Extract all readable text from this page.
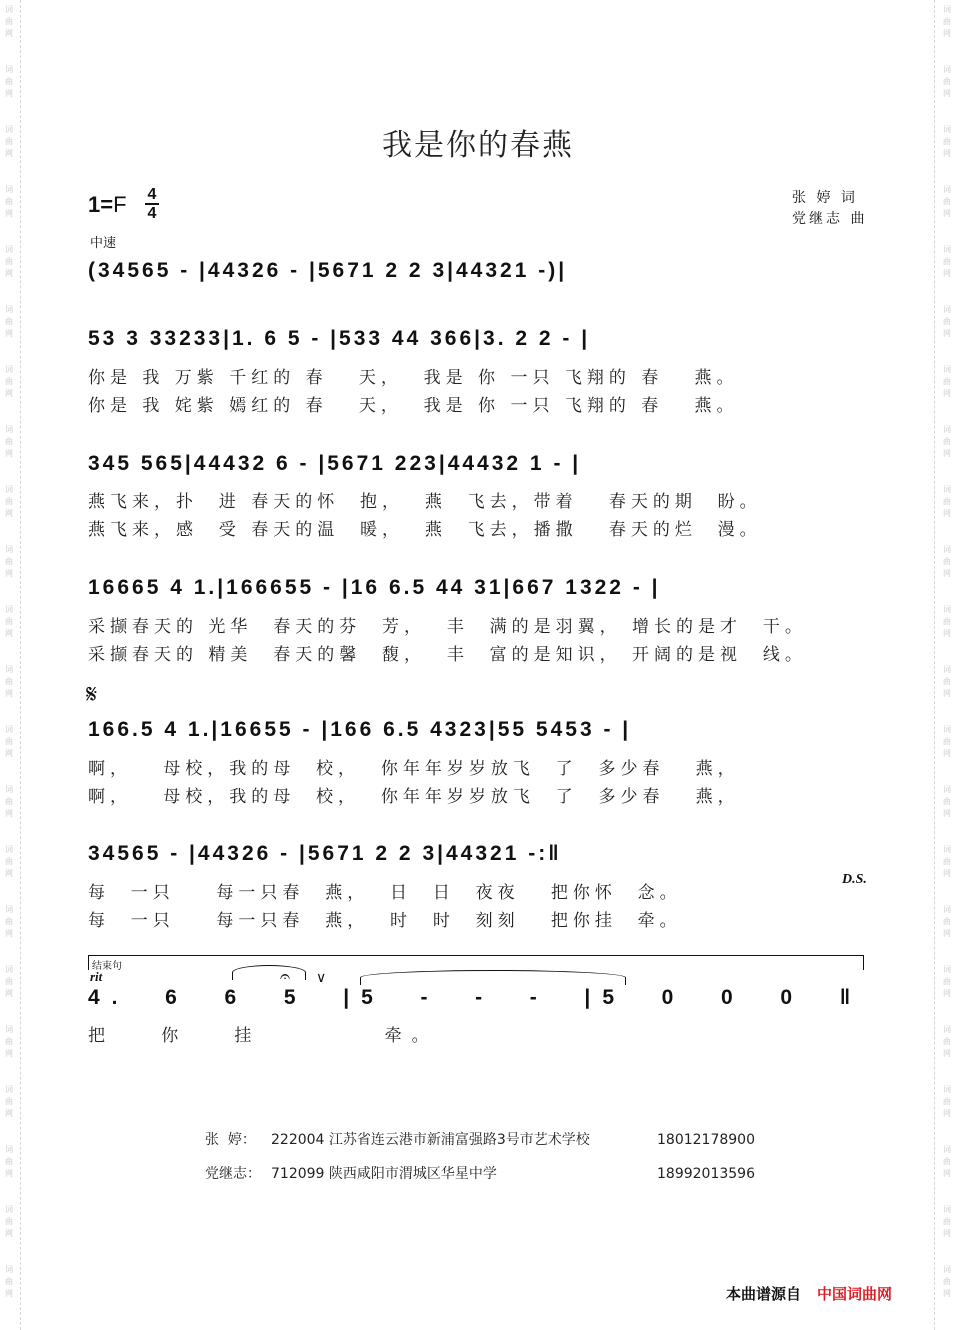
词
曲
网
词
曲
网
词
曲
网
词
曲
网
词
曲
网
词
曲
网
词
曲
网
词
曲
网
词
曲
网
词
曲
网
词
曲
网
词
曲
网
词
曲
网
词
曲
网
词
曲
网
词
曲
网
词
曲
网
词
曲
网
词
曲
网
词
曲
网
词
曲
网
词
曲
网
词
曲
网
词
曲
网
词
曲
网
词
曲
网
词
曲
网
词
曲
网
词
曲
网
词
曲
网
词
曲
网
词
曲
网
词
曲
网
词
曲
网
词
曲
网
词
曲
网
词
曲
网
词
曲
网
词
曲
网
词
曲
网
词
曲
网
词
曲
网
词
曲
网
词
曲
网
我是你的春燕
1=F	4
4
中速
张 婷 词
党继志 曲
(34565 - |44326 - |5671 2 2 3|44321 -)|
53 3 33233|1. 6 5 - |533 44 366|3. 2 2 - |
你是 我 万紫 千红的 春   天，  我是 你 一只 飞翔的 春   燕。
你是 我 姹紫 嫣红的 春   天，  我是 你 一只 飞翔的 春   燕。
345 565|44432 6 - |5671 223|44432 1 - |
燕飞来，扑  进 春天的怀  抱，  燕  飞去，带着   春天的期  盼。
燕飞来，感  受 春天的温  暖，  燕  飞去，播撒   春天的烂  漫。
16665 4 1.|166655 - |16 6.5 44 31|667 1322 - |
采撷春天的 光华  春天的芬  芳，  丰  满的是羽翼， 增长的是才  干。
采撷春天的 精美  春天的馨  馥，  丰  富的是知识， 开阔的是视  线。
𝄋
166.5 4 1.|16655 - |166 6.5 4323|55 5453 - |
啊，   母校，我的母  校，  你年年岁岁放飞  了  多少春   燕，
啊，   母校，我的母  校，  你年年岁岁放飞  了  多少春   燕，
34565 - |44326 - |5671 2 2 3|44321 -:‖
每  一只    每一只春  燕，  日  日  夜夜   把你怀  念。
每  一只    每一只春  燕，  时  时  刻刻   把你挂  牵。
D.S.
结束句
rit	𝄐 ∨
4.  6  6  5  |5  -  -  -  |5  0  0  0  ‖
把   你   挂        牵。
张  婷： 222004 江苏省连云港市新浦富强路3号市艺术学校	18012178900
党继志： 712099 陕西咸阳市渭城区华星中学	18992013596
本曲谱源自 中国词曲网
